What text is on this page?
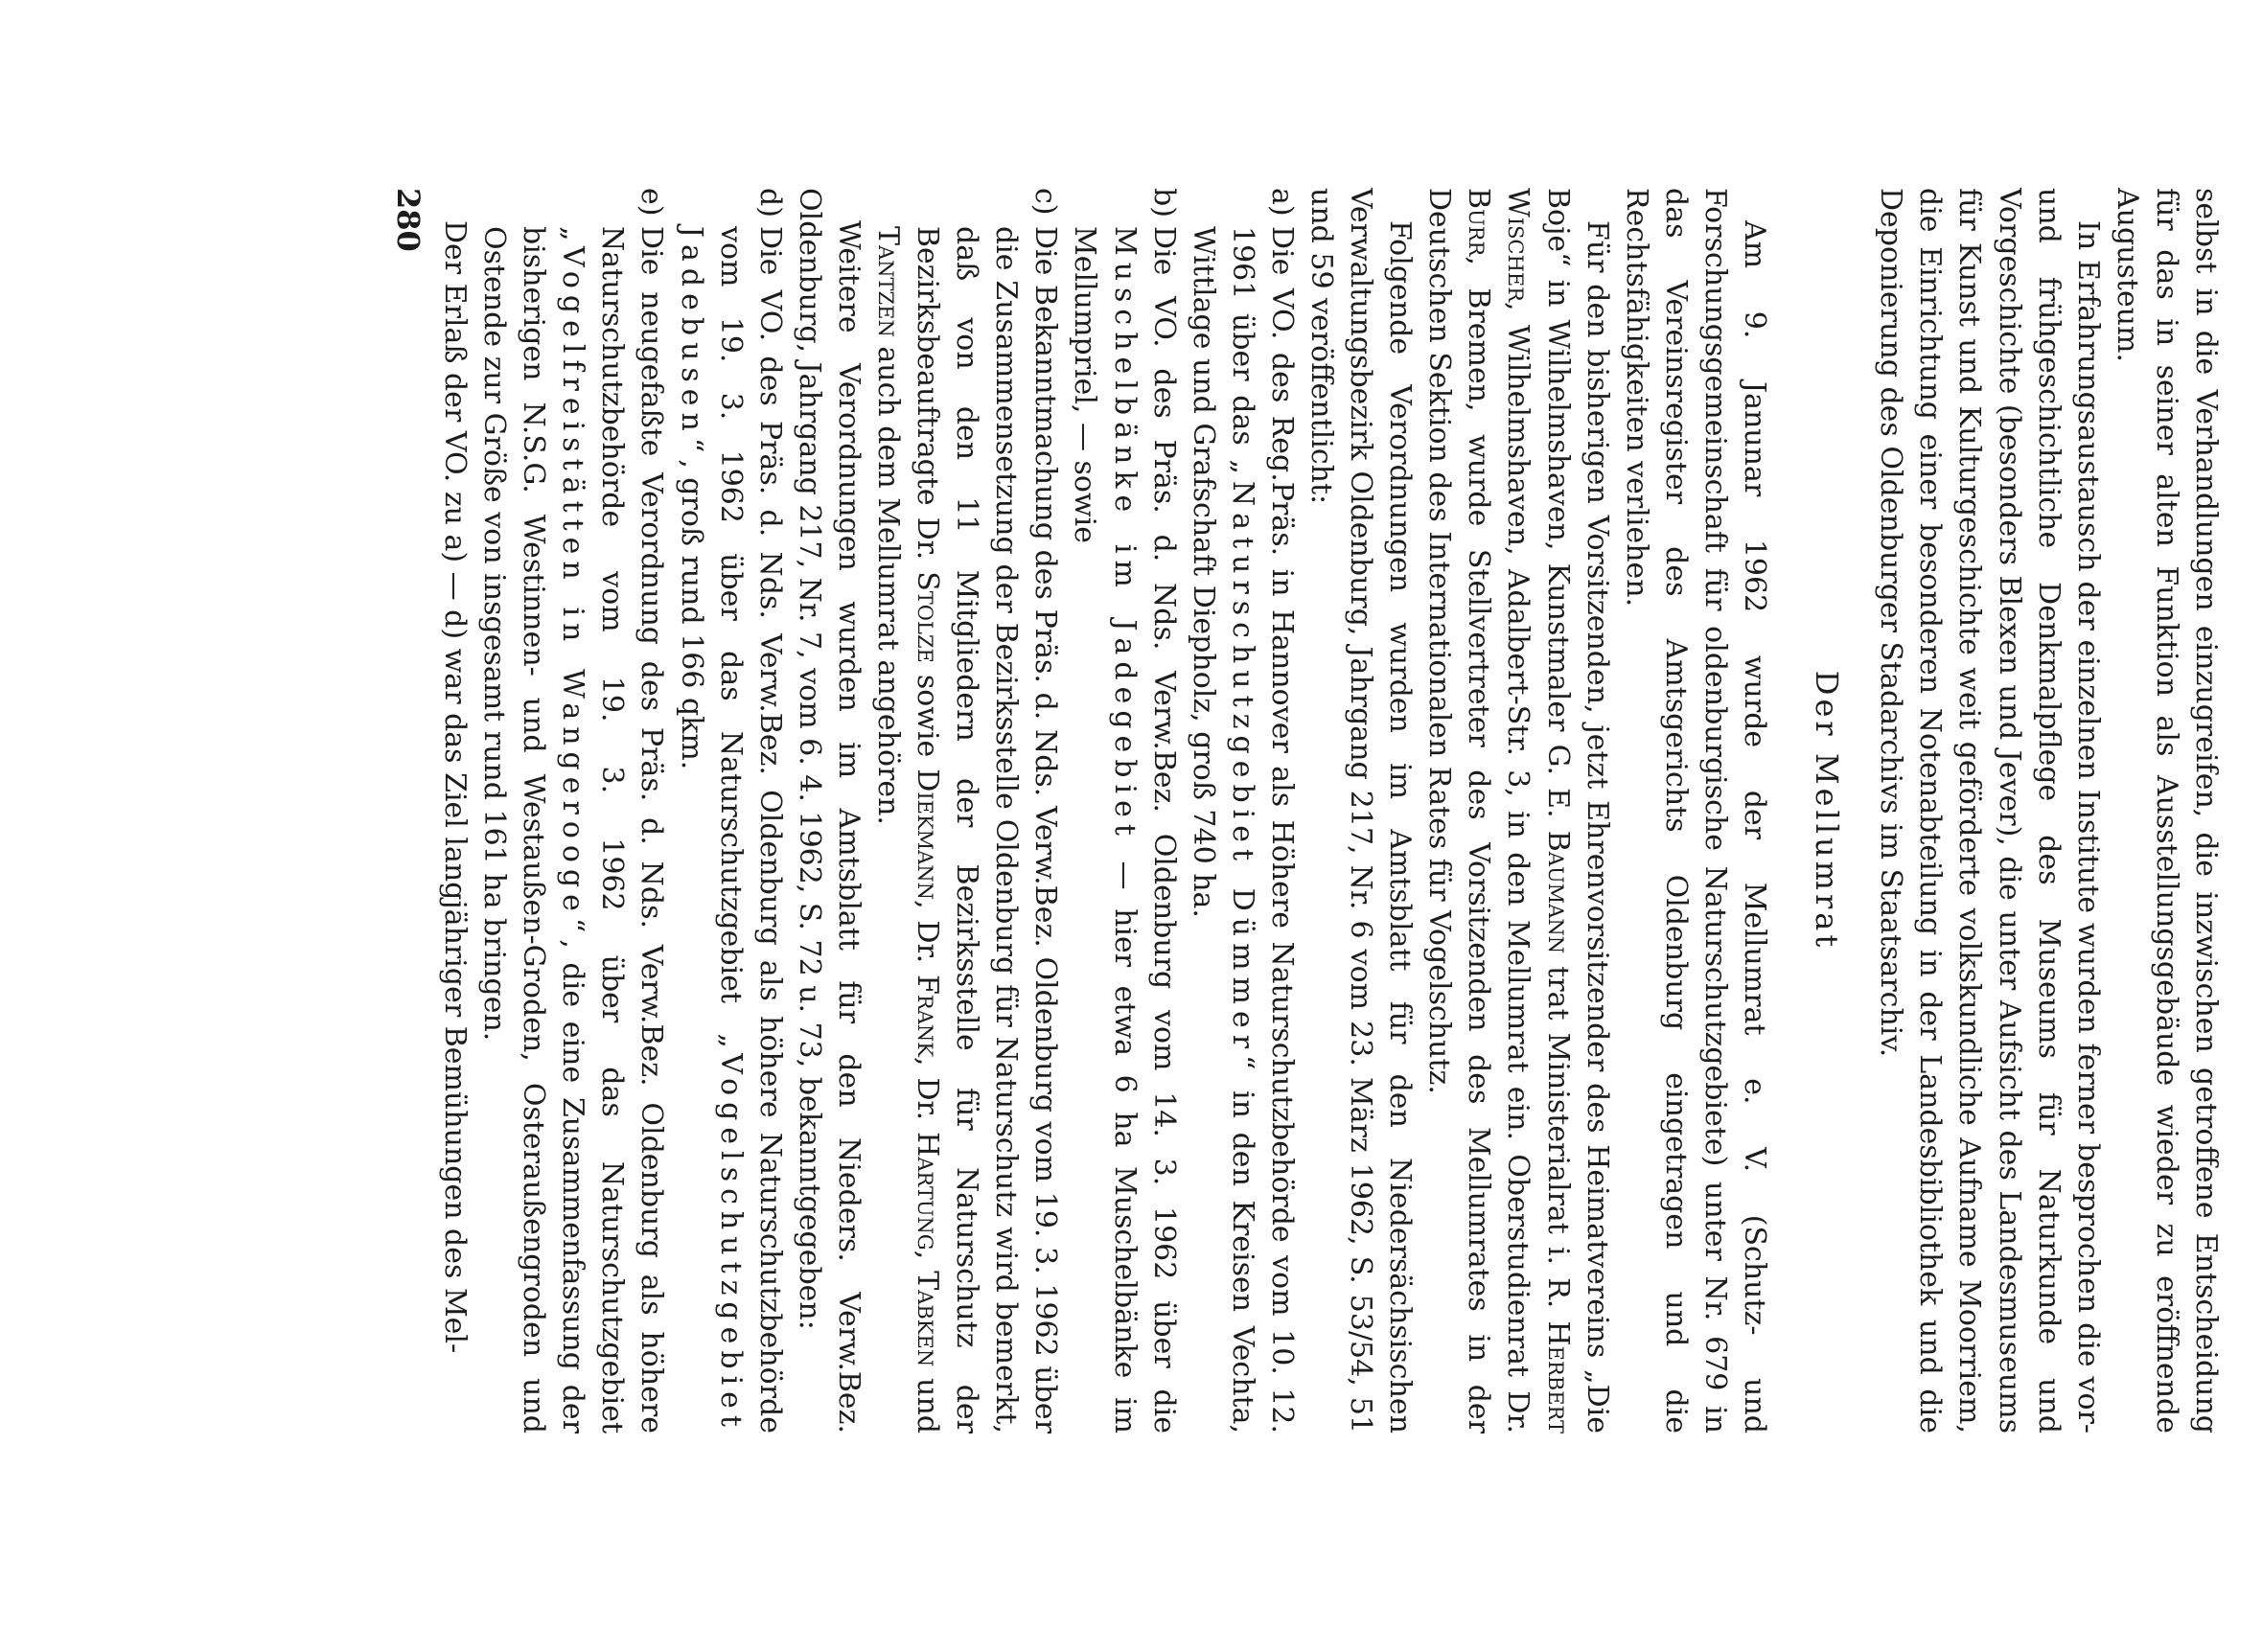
selbst in die Verhandlungen einzugreifen, die inzwischen getroffene Entscheidung für das in seiner alten Funktion als Ausstellungsgebäude wieder zu eröffnende Augusteum.

In Erfahrungsaustausch der einzelnen Institute wurden ferner besprochen die vor- und frühgeschichtliche Denkmalpflege des Museums für Naturkunde und Vorgeschichte (besonders Blexen und Jever), die unter Aufsicht des Landesmuseums für Kunst und Kulturgeschichte weit geförderte volkskundliche Aufname Moorriem, die Einrichtung einer besonderen Notenabteilung in der Landesbibliothek und die Deponierung des Oldenburger Stadarchivs im Staatsarchiv.

Der Mellumrat

Am 9. Janunar 1962 wurde der Mellumrat e. V. (Schutz- und Forschungsgemeinschaft für oldenburgische Naturschutzgebiete) unter Nr. 679 in das Vereinsregister des Amtsgerichts Oldenburg eingetragen und die Rechtsfähigkeiten verliehen.

Für den bisherigen Vorsitzenden, jetzt Ehrenvorsitzender des Heimatvereins „Die Boje“ in Wilhelmshaven, Kunstmaler G. E. Baumann trat Ministerialrat i. R. Herbert Wischer, Wilhelmshaven, Adalbert-Str. 3, in den Mellumrat ein. Oberstudienrat Dr. Burr, Bremen, wurde Stellvertreter des Vorsitzenden des Mellumrates in der Deutschen Sektion des Internationalen Rates für Vogelschutz.

Folgende Verordnungen wurden im Amtsblatt für den Niedersächsischen Verwaltungsbezirk Oldenburg, Jahrgang 217, Nr. 6 vom 23. März 1962, S. 53/54, 51 und 59 veröffentlicht:

a)
Die VO. des Reg.Präs. in Hannover als Höhere Naturschutzbehörde vom 10. 12. 1961 über das „Naturschutzgebiet Dümmer“ in den Kreisen Vechta, Wittlage und Grafschaft Diepholz, groß 740 ha.
b)
Die VO. des Präs. d. Nds. Verw.Bez. Oldenburg vom 14. 3. 1962 über die Muschelbänke im Jadegebiet — hier etwa 6 ha Muschelbänke im Mellumpriel, — sowie
c)
Die Bekanntmachung des Präs. d. Nds. Verw.Bez. Oldenburg vom 19. 3. 1962 über die Zusammensetzung der Bezirksstelle Oldenburg für Naturschutz wird bemerkt, daß von den 11 Mitgliedern der Bezirksstelle für Naturschutz der Bezirksbeauftragte Dr. Stolze sowie Diekmann, Dr. Frank, Dr. Hartung, Tabken und Tantzen auch dem Mellumrat angehören.

Weitere Verordnungen wurden im Amtsblatt für den Nieders. Verw.Bez. Oldenburg, Jahrgang 217, Nr. 7, vom 6. 4. 1962, S. 72 u. 73, bekanntgegeben:

d)
Die VO. des Präs. d. Nds. Verw.Bez. Oldenburg als höhere Naturschutzbehörde vom 19. 3. 1962 über das Naturschutzgebiet „Vogelschutzgebiet Jadebusen“, groß rund 166 qkm.
e)
Die neugefaßte Verordnung des Präs. d. Nds. Verw.Bez. Oldenburg als höhere Naturschutzbehörde vom 19. 3. 1962 über das Naturschutzgebiet „Vogelfreistätten in Wangerooge“, die eine Zusammenfassung der bisherigen N.S.G. Westinnen- und Westaußen-Groden, Osteraußengroden und Ostende zur Größe von insgesamt rund 161 ha bringen.

Der Erlaß der VO. zu a) — d) war das Ziel langjähriger Bemühungen des Mel-

280
